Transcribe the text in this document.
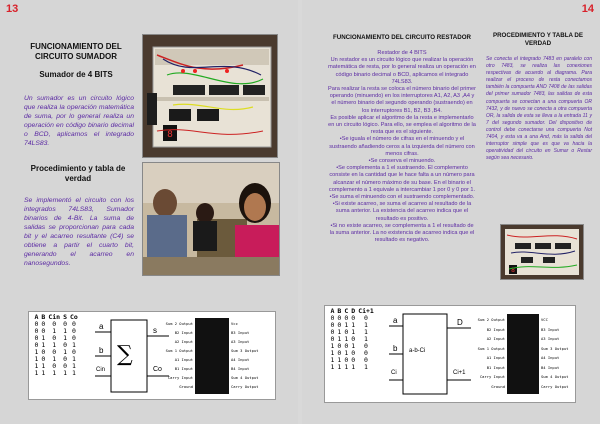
13
FUNCIONAMIENTO DEL CIRCUITO SUMADOR
Sumador de 4 BITS
Un sumador es un circuito lógico que realiza la operación matemática de suma, por lo general realiza un operación en código binario decimal o BCD, aplicamos el integrado 74LS83.
Procedimiento y tabla de verdad
Se implementó el circuito con los integrados 74LS83, Sumador binarios de 4-Bit. La suma de salidas se proporcionan para cada bit y el acarreo resultante (C4) se obtiene a partir el cuarto bit, generando el acarreo en nanosegundos.
8
A	B	Cin	S	Co
0	0	0	0	0
0	0	1	1	0
0	1	0	1	0
0	1	1	0	1
1	0	0	1	0
1	0	1	0	1
1	1	0	0	1
1	1	1	1	1
a
b
Cin
∑
s
Co
Sum 2 Output
B2 Input
A2 Input
Sum 1 Output
A1 Input
B1 Input
Carry Input
Ground
Vcc
B3 Input
A3 Input
Sum 3 Output
A4 Input
B4 Input
Sum 4 Output
Carry Output
14
FUNCIONAMIENTO DEL CIRCUITO RESTADOR
Restador de 4 BITS
Un restador es un circuito lógico que realizar la operación matemática de resta, por lo general realiza un operación en código binario decimal o BCD, aplicamos el integrado 74LS83.
Para realizar la resta se coloca el número binario del primer operando (minuendo) en los interruptores A1, A2, A3 ,A4 y el número binario del segundo operando (sustraendo) en los interruptores B1, B2, B3 ,B4.
Es posible aplicar el algoritmo de la resta e implementarlo en un circuito lógico. Para ello, se emplea el algoritmo de la resta que es el siguiente.
•Se iguala el número de cifras en el minuendo y el sustraendo añadiendo ceros a la izquierda del número con menos cifras.
•Se conserva el minuendo.
•Se complementa a 1 el sustraendo. El complemento consiste en la cantidad que le hace falta a un número para alcanzar el número máximo de su base. En el binario el complemento a 1 equivale a intercambiar 1 por 0 y 0 por 1.
•Se suma el minuendo con el sustraendo complementado.
•Si existe acarreo, se suma el acarreo al resultado de la suma anterior. La existencia del acarreo indica que el resultado es positivo.
•Si no existe acarreo, se complementa a 1 el resultado de la suma anterior. La no existencia de acarreo indica que el resultado es negativo.
PROCEDIMIENTO Y TABLA DE VERDAD
Se conecta el integrado 7483 en paralelo con otro 7483, se realiza las conexiones respectivas de acuerdo al diagrama. Para realizar el proceso de resta conectamos también la compuerta AND 7408 de las salidas del primer sumador 7483, las salidas de esta compuerta se conectan a una compuerta OR 7432, y de nuevo se conecta a otra compuerta OR, la salida de esta se lleva a la entrada 11 y 7 del segundo sumador. Del dispositivo de control debe conectarse una compuerta Not 7404, y esta va a una And, más la salida del interruptor simple que es que va hacia la operatividad del circuito en Sumar o Restar según sea necesario.
8
A	B	C	D	Ci+1
0	0	0	0	0
0	0	1	1	1
0	1	0	1	1
0	1	1	0	1
1	0	0	1	0
1	0	1	0	0
1	1	0	0	0
1	1	1	1	1
a
b
Ci
a-b-Ci
D
Ci+1
Sum 2 Output
B2 Input
A2 Input
Sum 1 Output
A1 Input
B1 Input
Carry Input
Ground
VCC
B3 Input
A3 Input
Sum 3 Output
A4 Input
B4 Input
Sum 4 Output
Carry Output
